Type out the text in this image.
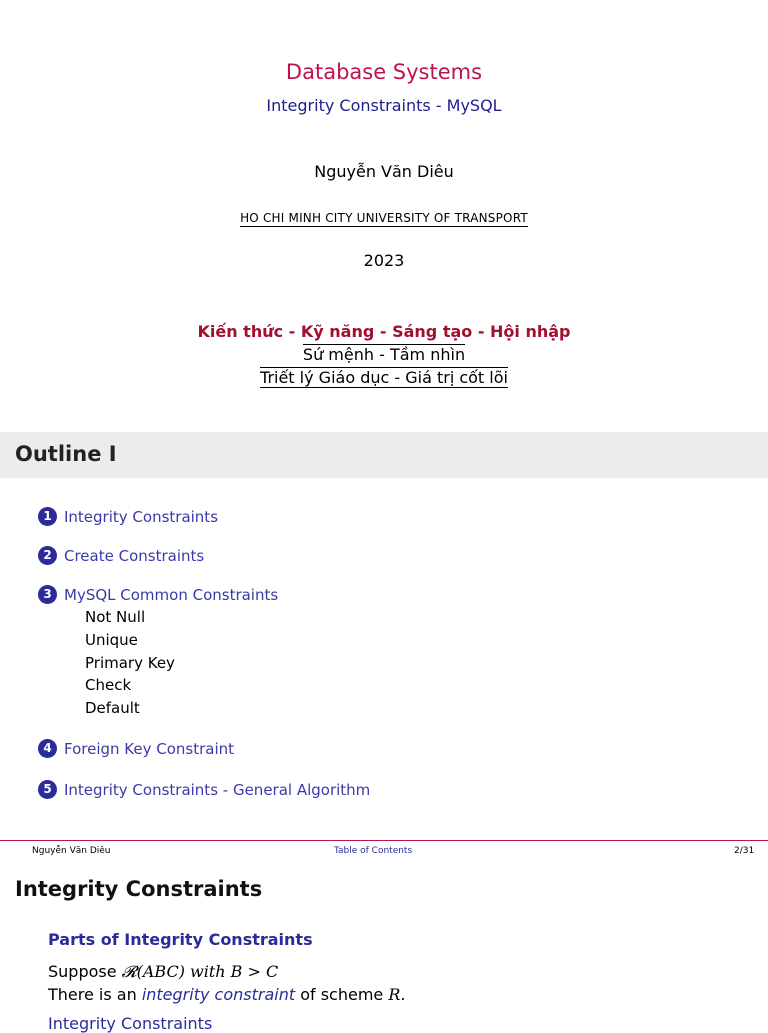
Database Systems
Integrity Constraints - MySQL
Nguyễn Văn Diêu
HO CHI MINH CITY UNIVERSITY OF TRANSPORT
2023
Kiến thức - Kỹ năng - Sáng tạo - Hội nhập
Sứ mệnh - Tầm nhìn
Triết lý Giáo dục - Giá trị cốt lõi
Outline I
1 Integrity Constraints
2 Create Constraints
3 MySQL Common Constraints
Not Null
Unique
Primary Key
Check
Default
4 Foreign Key Constraint
5 Integrity Constraints - General Algorithm
Nguyễn Văn Diêu	Table of Contents	2/31
Integrity Constraints
Parts of Integrity Constraints
Suppose 𝓡(ABC) with B > C
There is an integrity constraint of scheme R.
Integrity Constraints
